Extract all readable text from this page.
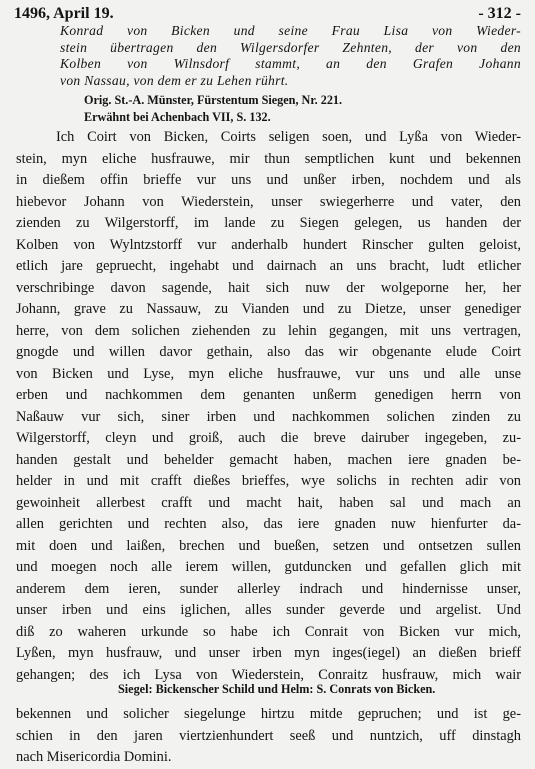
1496, April 19.	- 312 -
Konrad von Bicken und seine Frau Lisa von Wieder-
stein übertragen den Wilgersdorfer Zehnten, der von den
Kolben von Wilnsdorf stammt, an den Grafen Johann
von Nassau, von dem er zu Lehen rührt.
Orig. St.-A. Münster, Fürstentum Siegen, Nr. 221.
Erwähnt bei Achenbach VII, S. 132.
Ich Coirt von Bicken, Coirts seligen soen, und Lyßa von Wieder-
stein, myn eliche husfrauwe, mir thun semptlichen kunt und bekennen
in dießem offin brieffe vur uns und unßer irben, nochdem und als
hiebevor Johann von Wiederstein, unser swiegerherre und vater, den
zienden zu Wilgerstorff, im lande zu Siegen gelegen, us handen der
Kolben von Wylntzstorff vur anderhalb hundert Rinscher gulten geloist,
etlich jare gepruecht, ingehabt und dairnach an uns bracht, ludt etlicher
verschribinge davon sagende, hait sich nuw der wolgeporne her, her
Johann, grave zu Nassauw, zu Vianden und zu Dietze, unser genediger
herre, von dem solichen ziehenden zu lehin gegangen, mit uns vertragen,
gnogde und willen davor gethain, also das wir obgenante elude Coirt
von Bicken und Lyse, myn eliche husfrauwe, vur uns und alle unse
erben und nachkommen dem genanten unßerm genedigen herrn von
Naßauw vur sich, siner irben und nachkommen solichen zinden zu
Wilgerstorff, cleyn und groiß, auch die breve dairuber ingegeben, zu-
handen gestalt und behelder gemacht haben, machen iere gnaden be-
helder in und mit crafft dießes brieffes, wye solichs in rechten adir von
gewoinheit allerbest crafft und macht hait, haben sal und mach an
allen gerichten und rechten also, das iere gnaden nuw hienfurter da-
mit doen und laißen, brechen und bueßen, setzen und ontsetzen sullen
und moegen noch alle ierem willen, gutduncken und gefallen glich mit
anderem dem ieren, sunder allerley indrach und hindernisse unser,
unser irben und eins iglichen, alles sunder geverde und argelist. Und
diß zo waheren urkunde so habe ich Conrait von Bicken vur mich,
Lyßen, myn husfrauw, und unser irben myn inges(iegel) an dießen brieff
gehangen; des ich Lysa von Wiederstein, Conraitz husfrauw, mich wair
bekennen und solicher siegelunge hirtzu mitde gepruchen; und ist ge-
schien in den jaren viertzienhundert seeß und nuntzich, uff dinstagh
nach Misericordia Domini.
Siegel: Bickenscher Schild und Helm: S. Conrats von Bicken.
